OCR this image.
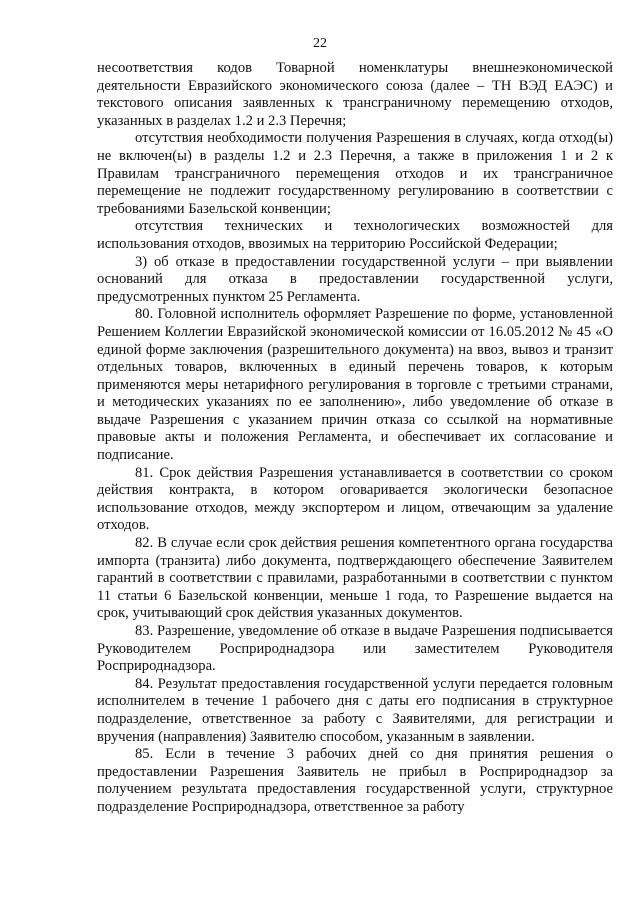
22

несоответствия кодов Товарной номенклатуры внешнеэкономической деятельности Евразийского экономического союза (далее – ТН ВЭД ЕАЭС) и текстового описания заявленных к трансграничному перемещению отходов, указанных в разделах 1.2 и 2.3 Перечня;

отсутствия необходимости получения Разрешения в случаях, когда отход(ы) не включен(ы) в разделы 1.2 и 2.3 Перечня, а также в приложения 1 и 2 к Правилам трансграничного перемещения отходов и их трансграничное перемещение не подлежит государственному регулированию в соответствии с требованиями Базельской конвенции;

отсутствия технических и технологических возможностей для использования отходов, ввозимых на территорию Российской Федерации;

3) об отказе в предоставлении государственной услуги – при выявлении оснований для отказа в предоставлении государственной услуги, предусмотренных пунктом 25 Регламента.

80. Головной исполнитель оформляет Разрешение по форме, установленной Решением Коллегии Евразийской экономической комиссии от 16.05.2012 № 45 «О единой форме заключения (разрешительного документа) на ввоз, вывоз и транзит отдельных товаров, включенных в единый перечень товаров, к которым применяются меры нетарифного регулирования в торговле с третьими странами, и методических указаниях по ее заполнению», либо уведомление об отказе в выдаче Разрешения с указанием причин отказа со ссылкой на нормативные правовые акты и положения Регламента, и обеспечивает их согласование и подписание.

81. Срок действия Разрешения устанавливается в соответствии со сроком действия контракта, в котором оговаривается экологически безопасное использование отходов, между экспортером и лицом, отвечающим за удаление отходов.

82. В случае если срок действия решения компетентного органа государства импорта (транзита) либо документа, подтверждающего обеспечение Заявителем гарантий в соответствии с правилами, разработанными в соответствии с пунктом 11 статьи 6 Базельской конвенции, меньше 1 года, то Разрешение выдается на срок, учитывающий срок действия указанных документов.

83. Разрешение, уведомление об отказе в выдаче Разрешения подписывается Руководителем Росприроднадзора или заместителем Руководителя Росприроднадзора.

84. Результат предоставления государственной услуги передается головным исполнителем в течение 1 рабочего дня с даты его подписания в структурное подразделение, ответственное за работу с Заявителями, для регистрации и вручения (направления) Заявителю способом, указанным в заявлении.

85. Если в течение 3 рабочих дней со дня принятия решения о предоставлении Разрешения Заявитель не прибыл в Росприроднадзор за получением результата предоставления государственной услуги, структурное подразделение Росприроднадзора, ответственное за работу
